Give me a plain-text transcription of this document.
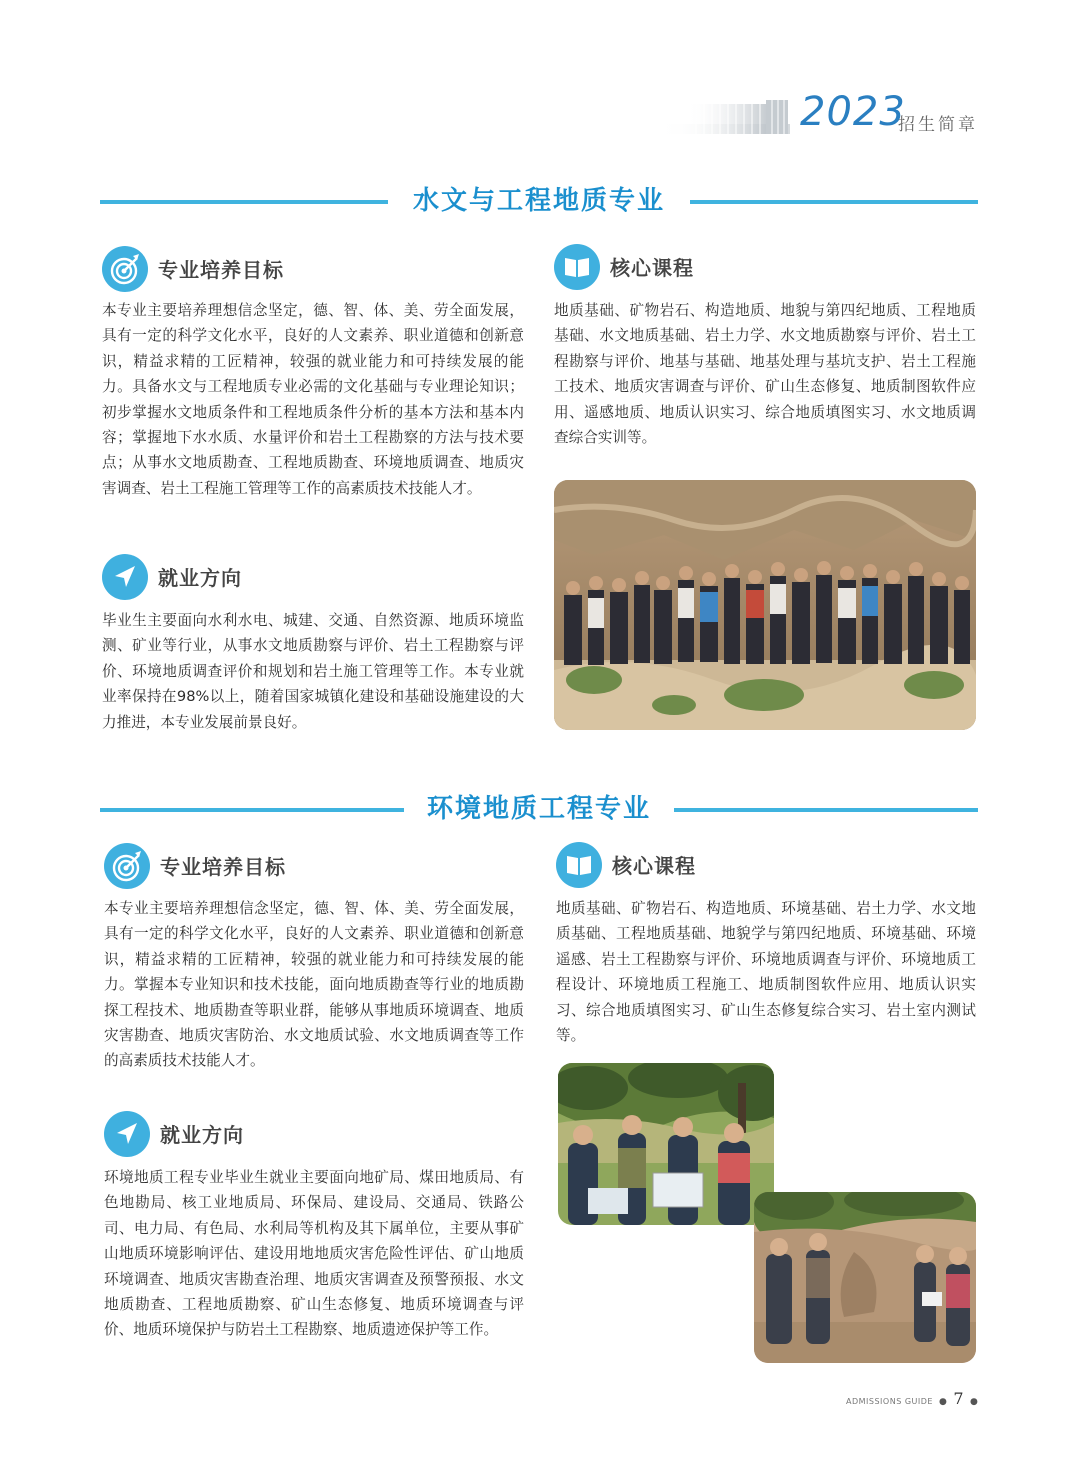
2023
招生简章
水文与工程地质专业
专业培养目标
本专业主要培养理想信念坚定，德、智、体、美、劳全面发展，具有一定的科学文化水平，良好的人文素养、职业道德和创新意识，精益求精的工匠精神，较强的就业能力和可持续发展的能力。具备水文与工程地质专业必需的文化基础与专业理论知识；初步掌握水文地质条件和工程地质条件分析的基本方法和基本内容；掌握地下水水质、水量评价和岩土工程勘察的方法与技术要点；从事水文地质勘查、工程地质勘查、环境地质调查、地质灾害调查、岩土工程施工管理等工作的高素质技术技能人才。
就业方向
毕业生主要面向水利水电、城建、交通、自然资源、地质环境监测、矿业等行业，从事水文地质勘察与评价、岩土工程勘察与评价、环境地质调查评价和规划和岩土施工管理等工作。本专业就业率保持在98%以上，随着国家城镇化建设和基础设施建设的大力推进，本专业发展前景良好。
核心课程
地质基础、矿物岩石、构造地质、地貌与第四纪地质、工程地质基础、水文地质基础、岩土力学、水文地质勘察与评价、岩土工程勘察与评价、地基与基础、地基处理与基坑支护、岩土工程施工技术、地质灾害调查与评价、矿山生态修复、地质制图软件应用、遥感地质、地质认识实习、综合地质填图实习、水文地质调查综合实训等。
环境地质工程专业
专业培养目标
本专业主要培养理想信念坚定，德、智、体、美、劳全面发展，具有一定的科学文化水平，良好的人文素养、职业道德和创新意识，精益求精的工匠精神，较强的就业能力和可持续发展的能力。掌握本专业知识和技术技能，面向地质勘查等行业的地质勘探工程技术、地质勘查等职业群，能够从事地质环境调查、地质灾害勘查、地质灾害防治、水文地质试验、水文地质调查等工作的高素质技术技能人才。
就业方向
环境地质工程专业毕业生就业主要面向地矿局、煤田地质局、有色地勘局、核工业地质局、环保局、建设局、交通局、铁路公司、电力局、有色局、水利局等机构及其下属单位，主要从事矿山地质环境影响评估、建设用地地质灾害危险性评估、矿山地质环境调查、地质灾害勘查治理、地质灾害调查及预警预报、水文地质勘查、工程地质勘察、矿山生态修复、地质环境调查与评价、地质环境保护与防岩土工程勘察、地质遗迹保护等工作。
核心课程
地质基础、矿物岩石、构造地质、环境基础、岩土力学、水文地质基础、工程地质基础、地貌学与第四纪地质、环境基础、环境遥感、岩土工程勘察与评价、环境地质调查与评价、环境地质工程设计、环境地质工程施工、地质制图软件应用、地质认识实习、综合地质填图实习、矿山生态修复综合实习、岩土室内测试等。
ADMISSIONS GUIDE ● 7 ●
